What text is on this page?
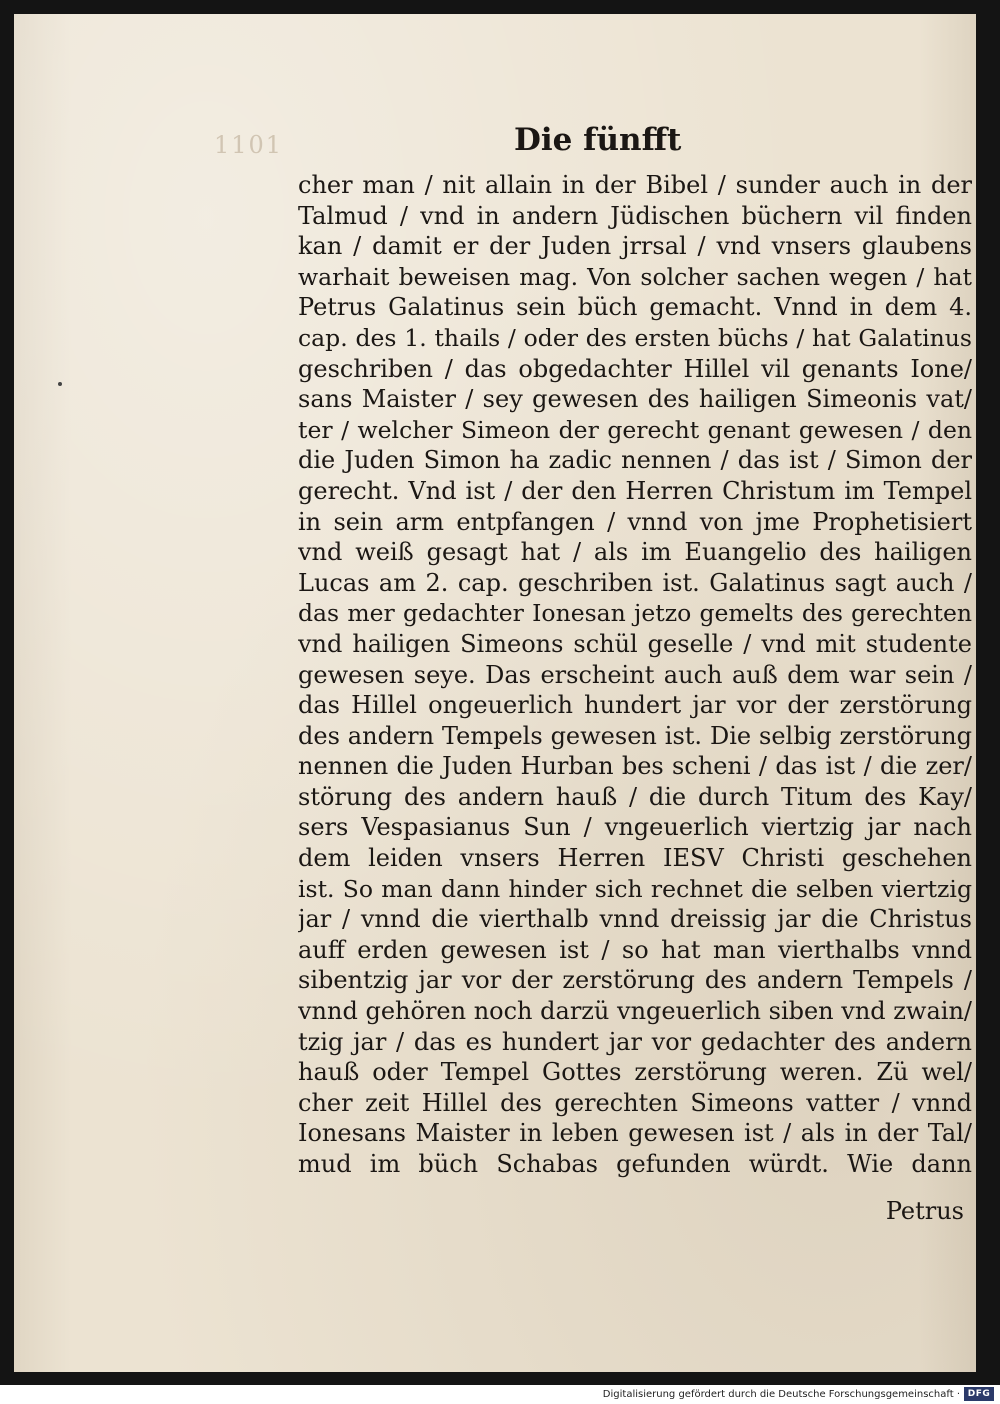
1101	Die fünfft
cher man / nit allain in der Bibel / sunder auch in der
Talmud / vnd in andern Jüdischen büchern vil finden
kan / damit er der Juden jrrsal / vnd vnsers glaubens
warhait beweisen mag. Von solcher sachen wegen / hat
Petrus Galatinus sein büch gemacht. Vnnd in dem 4.
cap. des 1. thails / oder des ersten büchs / hat Galatinus
geschriben / das obgedachter Hillel vil genants Ione/
sans Maister / sey gewesen des hailigen Simeonis vat/
ter / welcher Simeon der gerecht genant gewesen / den
die Juden Simon ha zadic nennen / das ist / Simon der
gerecht. Vnd ist / der den Herren Christum im Tempel
in sein arm entpfangen / vnnd von jme Prophetisiert
vnd weiß gesagt hat / als im Euangelio des hailigen
Lucas am 2. cap. geschriben ist. Galatinus sagt auch /
das mer gedachter Ionesan jetzo gemelts des gerechten
vnd hailigen Simeons schül geselle / vnd mit studente
gewesen seye. Das erscheint auch auß dem war sein /
das Hillel ongeuerlich hundert jar vor der zerstörung
des andern Tempels gewesen ist. Die selbig zerstörung
nennen die Juden Hurban bes scheni / das ist / die zer/
störung des andern hauß / die durch Titum des Kay/
sers Vespasianus Sun / vngeuerlich viertzig jar nach
dem leiden vnsers Herren IESV Christi geschehen
ist. So man dann hinder sich rechnet die selben viertzig
jar / vnnd die vierthalb vnnd dreissig jar die Christus
auff erden gewesen ist / so hat man vierthalbs vnnd
sibentzig jar vor der zerstörung des andern Tempels /
vnnd gehören noch darzü vngeuerlich siben vnd zwain/
tzig jar / das es hundert jar vor gedachter des andern
hauß oder Tempel Gottes zerstörung weren. Zü wel/
cher zeit Hillel des gerechten Simeons vatter / vnnd
Ionesans Maister in leben gewesen ist / als in der Tal/
mud im büch Schabas gefunden würdt. Wie dann
Petrus
Digitalisierung gefördert durch die Deutsche Forschungsgemeinschaft · DFG
